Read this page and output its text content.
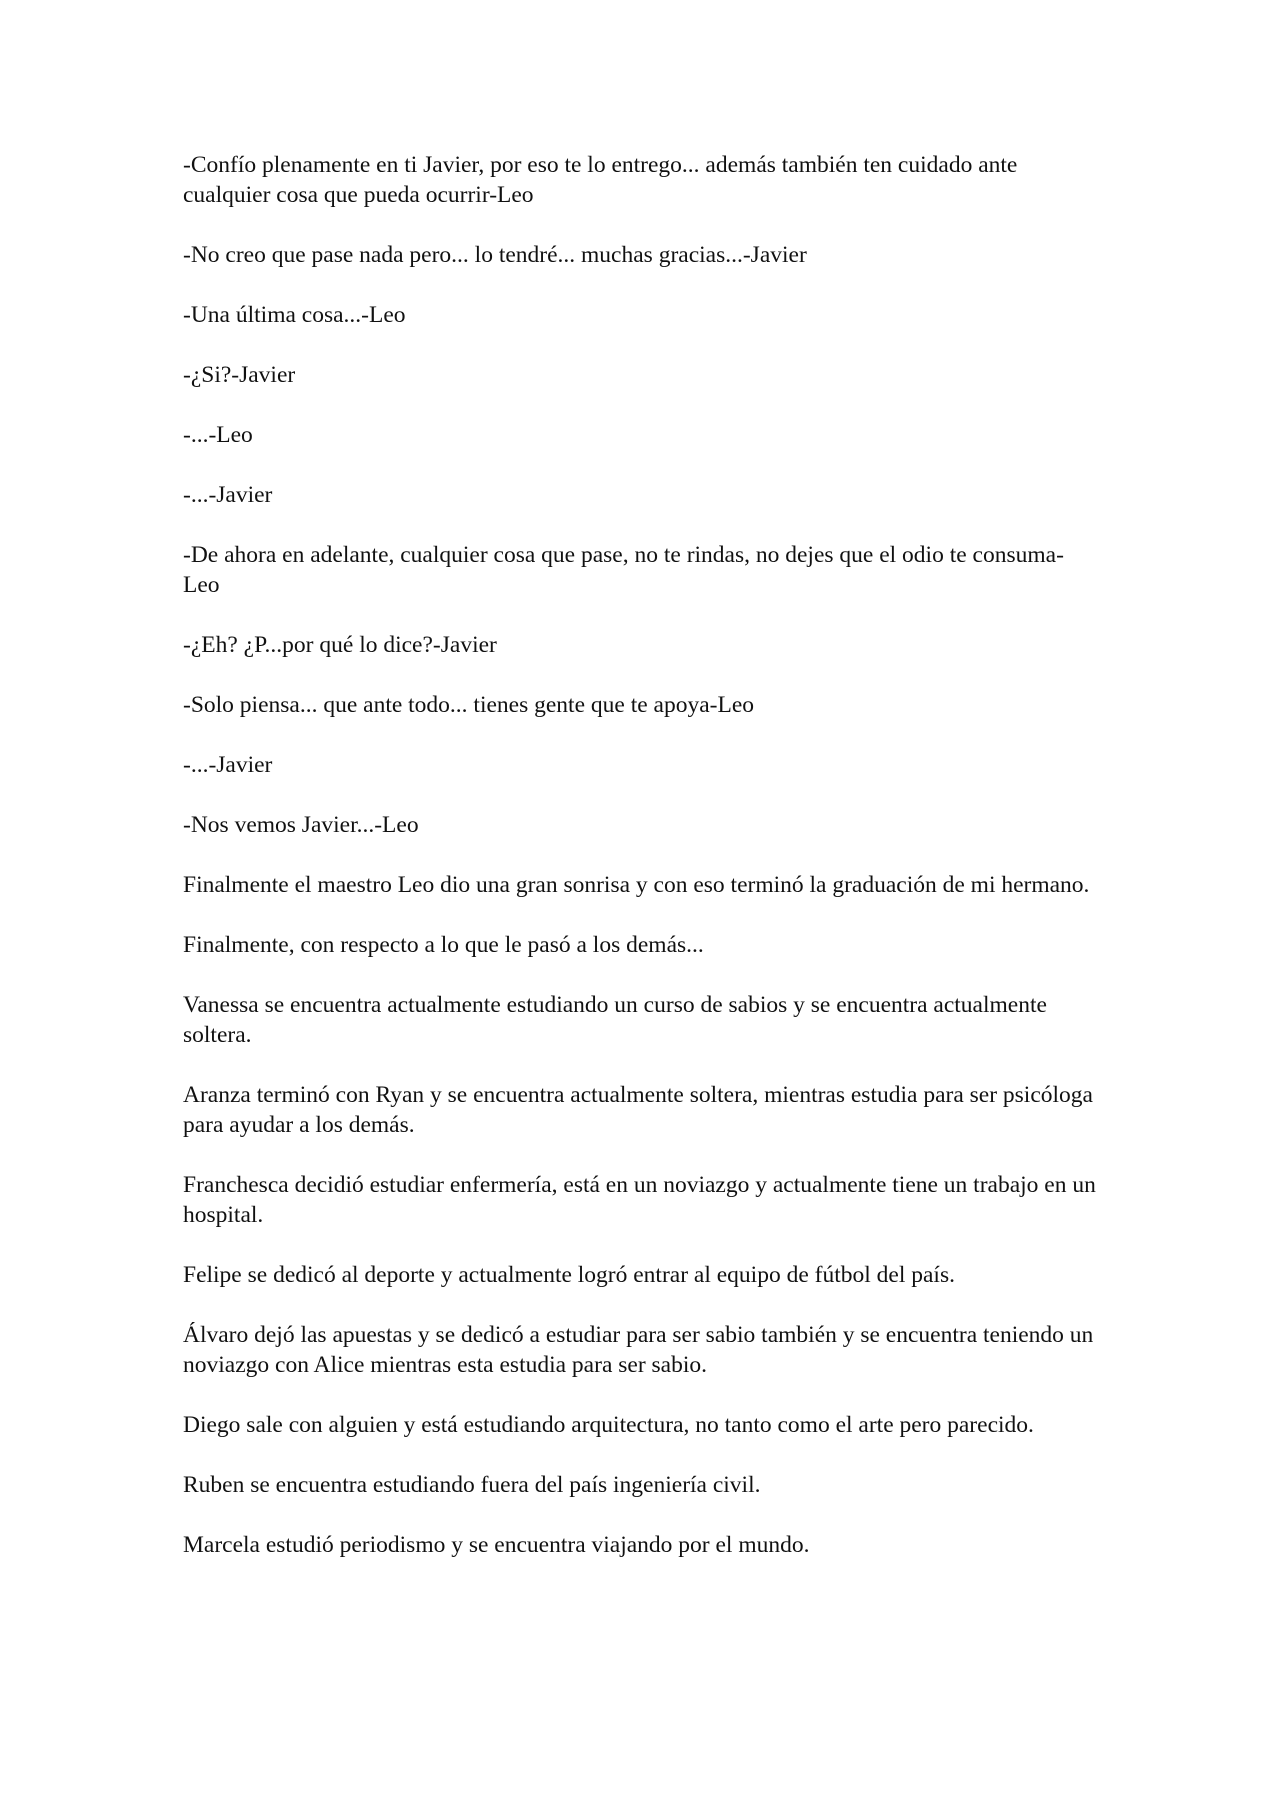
-Confío plenamente en ti Javier, por eso te lo entrego... además también ten cuidado ante cualquier cosa que pueda ocurrir-Leo

-No creo que pase nada pero... lo tendré... muchas gracias...-Javier

-Una última cosa...-Leo

-¿Si?-Javier

-...-Leo

-...-Javier

-De ahora en adelante, cualquier cosa que pase, no te rindas, no dejes que el odio te consuma-Leo

-¿Eh? ¿P...por qué lo dice?-Javier

-Solo piensa... que ante todo... tienes gente que te apoya-Leo

-...-Javier

-Nos vemos Javier...-Leo

Finalmente el maestro Leo dio una gran sonrisa y con eso terminó la graduación de mi hermano.

Finalmente, con respecto a lo que le pasó a los demás...

Vanessa se encuentra actualmente estudiando un curso de sabios y se encuentra actualmente soltera.

Aranza terminó con Ryan y se encuentra actualmente soltera, mientras estudia para ser psicóloga para ayudar a los demás.

Franchesca decidió estudiar enfermería, está en un noviazgo y actualmente tiene un trabajo en un hospital.

Felipe se dedicó al deporte y actualmente logró entrar al equipo de fútbol del país.

Álvaro dejó las apuestas y se dedicó a estudiar para ser sabio también y se encuentra teniendo un noviazgo con Alice mientras esta estudia para ser sabio.

Diego sale con alguien y está estudiando arquitectura, no tanto como el arte pero parecido.

Ruben se encuentra estudiando fuera del país ingeniería civil.

Marcela estudió periodismo y se encuentra viajando por el mundo.
